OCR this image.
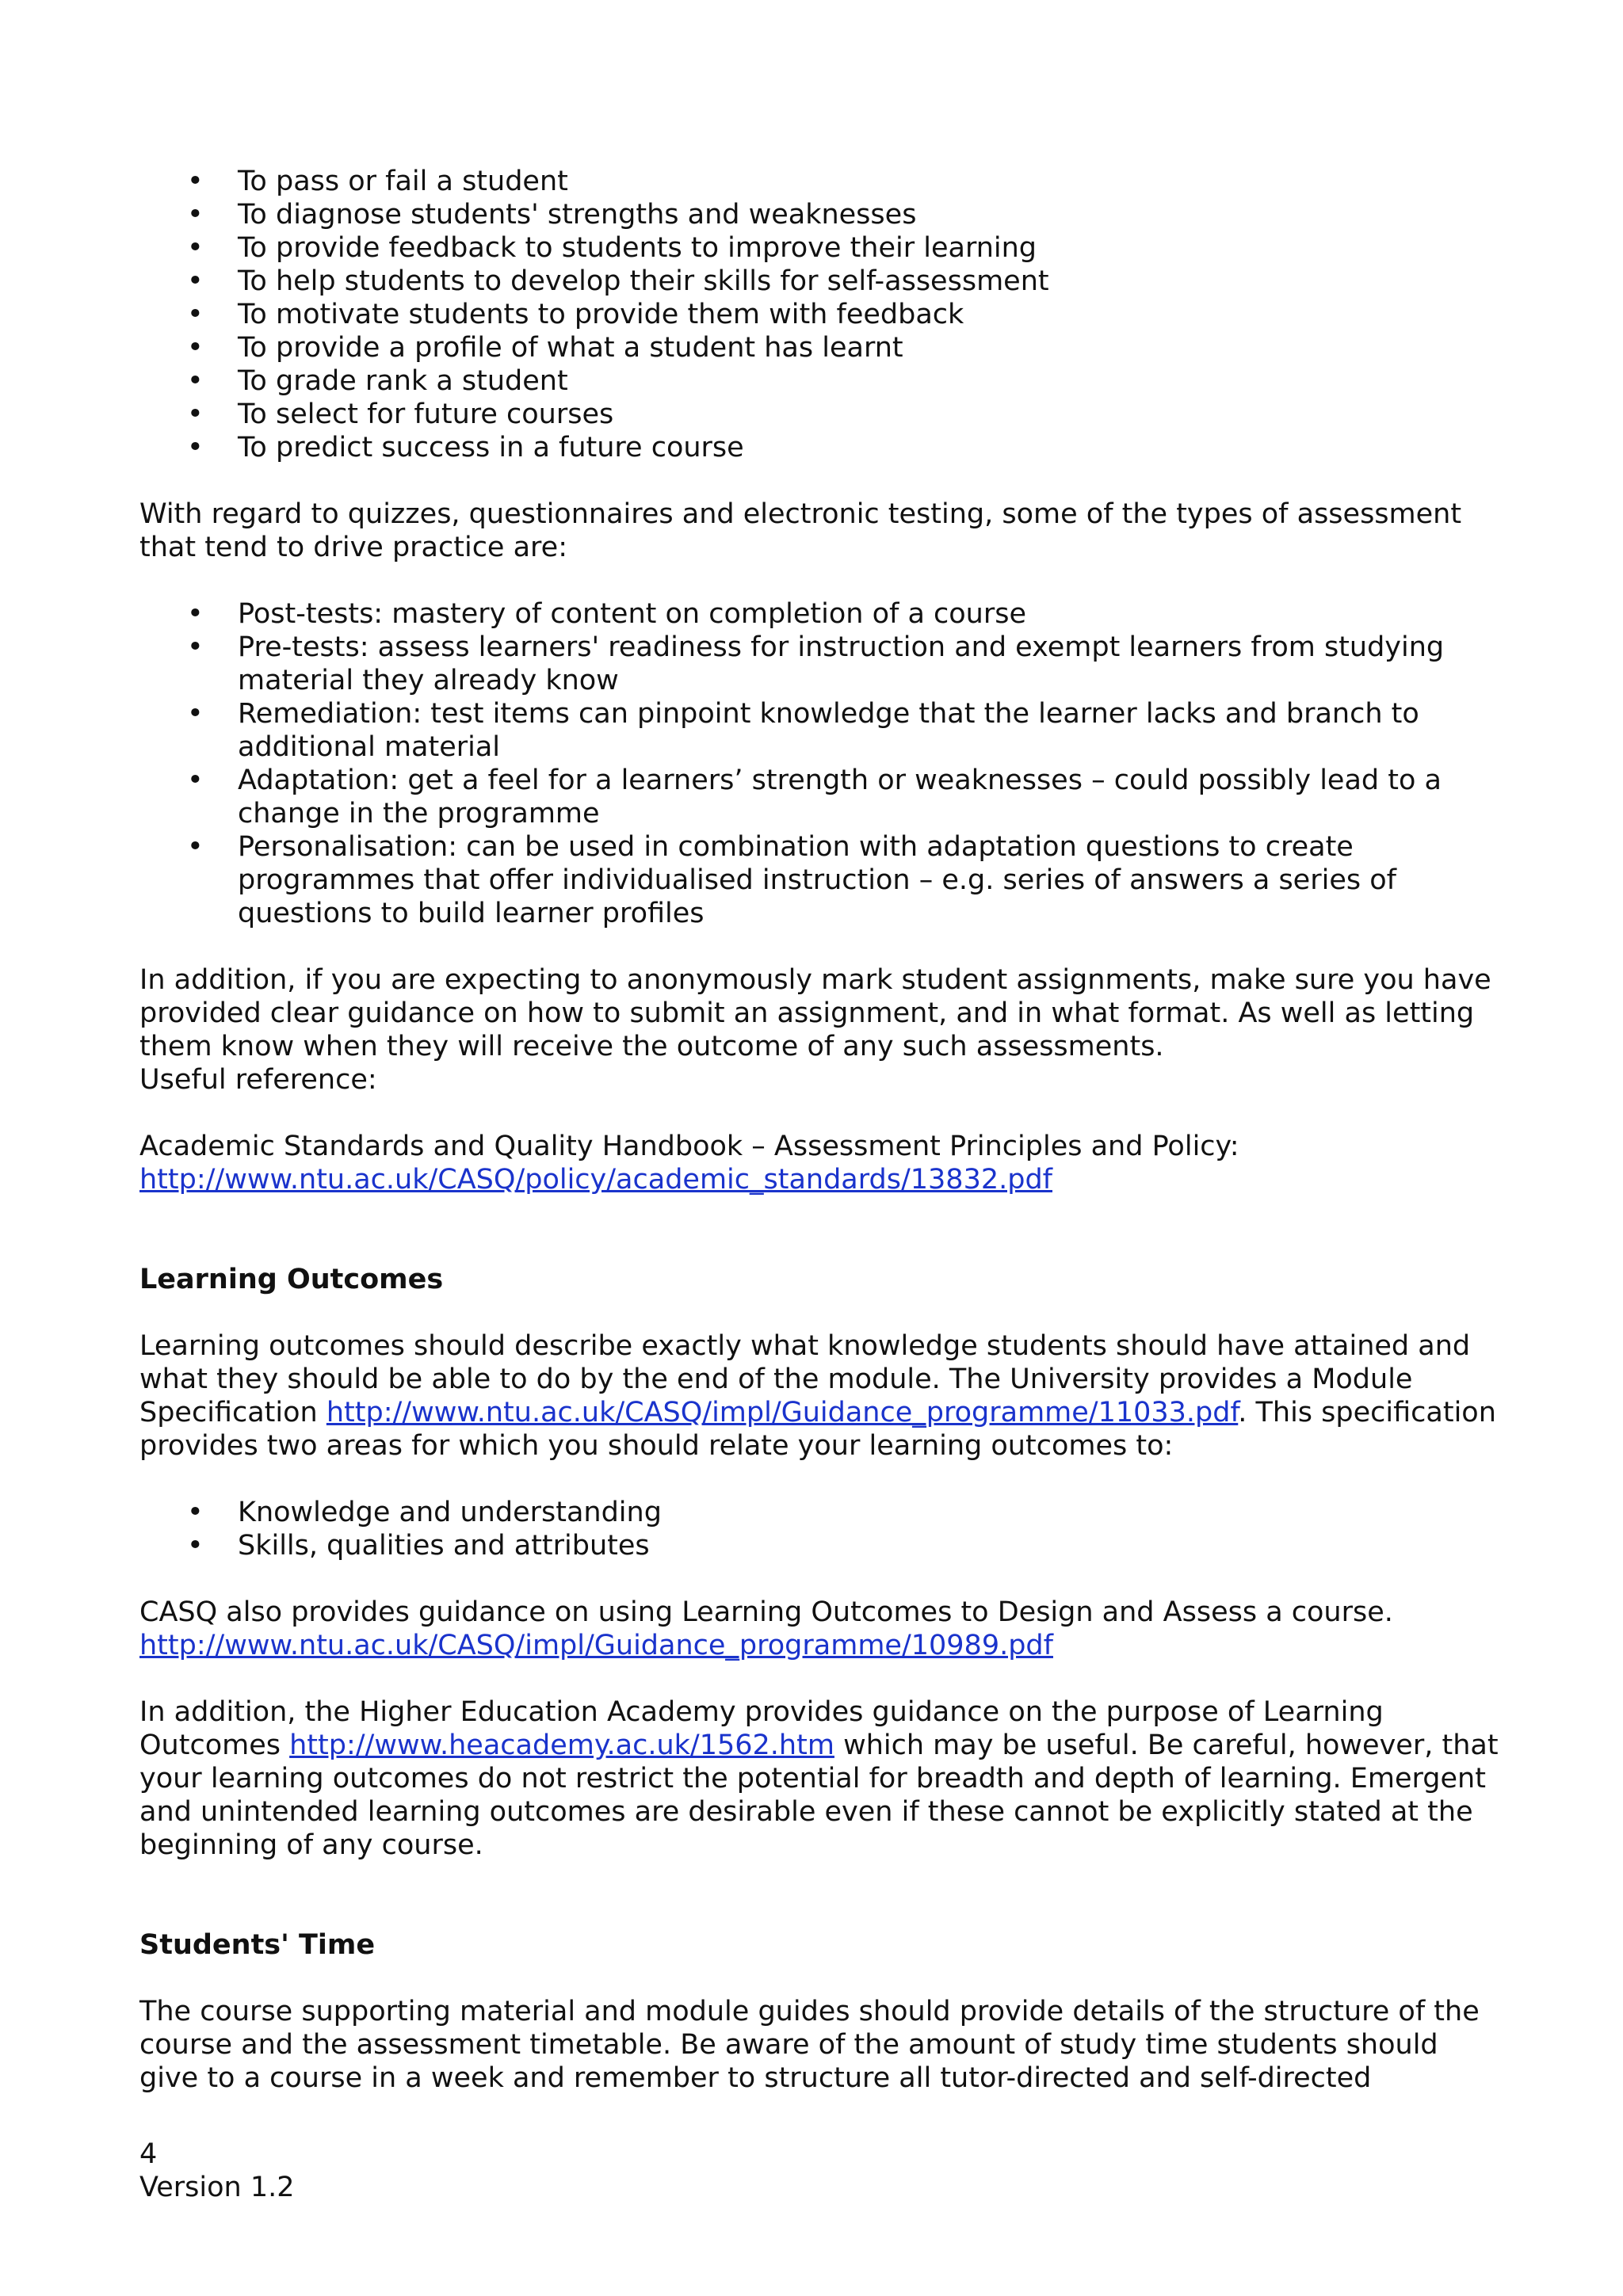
• To pass or fail a student
• To diagnose students' strengths and weaknesses
• To provide feedback to students to improve their learning
• To help students to develop their skills for self-assessment
• To motivate students to provide them with feedback
• To provide a profile of what a student has learnt
• To grade rank a student
• To select for future courses
• To predict success in a future course

With regard to quizzes, questionnaires and electronic testing, some of the types of assessment that tend to drive practice are:

• Post-tests: mastery of content on completion of a course
• Pre-tests: assess learners' readiness for instruction and exempt learners from studying material they already know
• Remediation: test items can pinpoint knowledge that the learner lacks and branch to additional material
• Adaptation: get a feel for a learners’ strength or weaknesses – could possibly lead to a change in the programme
• Personalisation: can be used in combination with adaptation questions to create programmes that offer individualised instruction – e.g. series of answers a series of questions to build learner profiles

In addition, if you are expecting to anonymously mark student assignments, make sure you have provided clear guidance on how to submit an assignment, and in what format. As well as letting them know when they will receive the outcome of any such assessments.

Useful reference:

Academic Standards and Quality Handbook – Assessment Principles and Policy:

http://www.ntu.ac.uk/CASQ/policy/academic_standards/13832.pdf

Learning Outcomes

Learning outcomes should describe exactly what knowledge students should have attained and what they should be able to do by the end of the module. The University provides a Module Specification http://www.ntu.ac.uk/CASQ/impl/Guidance_programme/11033.pdf. This specification provides two areas for which you should relate your learning outcomes to:

• Knowledge and understanding
• Skills, qualities and attributes

CASQ also provides guidance on using Learning Outcomes to Design and Assess a course.

http://www.ntu.ac.uk/CASQ/impl/Guidance_programme/10989.pdf

In addition, the Higher Education Academy provides guidance on the purpose of Learning Outcomes http://www.heacademy.ac.uk/1562.htm which may be useful. Be careful, however, that your learning outcomes do not restrict the potential for breadth and depth of learning. Emergent and unintended learning outcomes are desirable even if these cannot be explicitly stated at the beginning of any course.

Students' Time

The course supporting material and module guides should provide details of the structure of the course and the assessment timetable. Be aware of the amount of study time students should give to a course in a week and remember to structure all tutor-directed and self-directed

4
Version 1.2
